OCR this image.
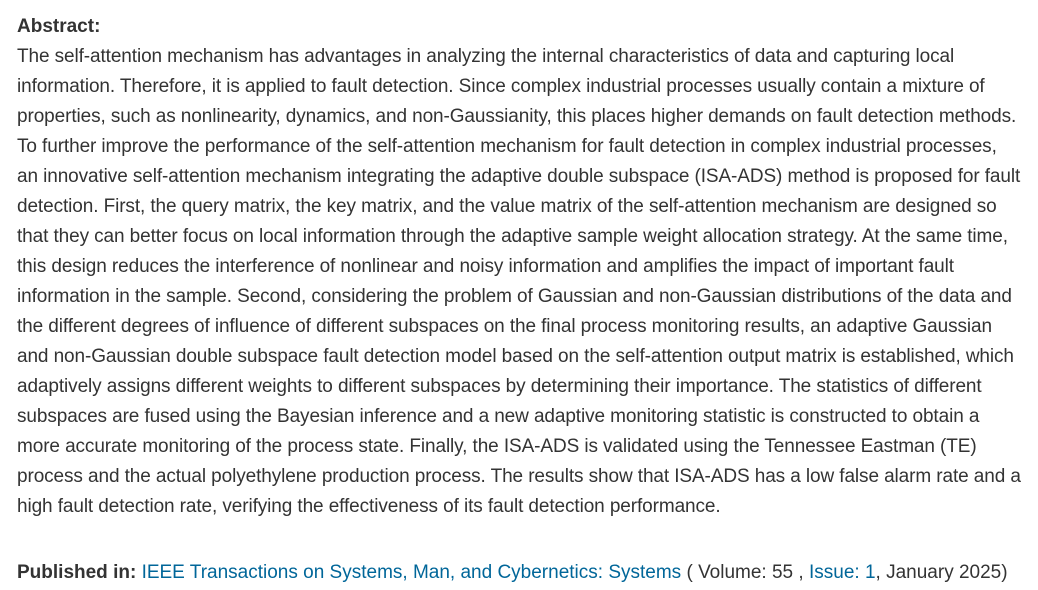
Abstract:
The self-attention mechanism has advantages in analyzing the internal characteristics of data and capturing local information. Therefore, it is applied to fault detection. Since complex industrial processes usually contain a mixture of properties, such as nonlinearity, dynamics, and non-Gaussianity, this places higher demands on fault detection methods. To further improve the performance of the self-attention mechanism for fault detection in complex industrial processes, an innovative self-attention mechanism integrating the adaptive double subspace (ISA-ADS) method is proposed for fault detection. First, the query matrix, the key matrix, and the value matrix of the self-attention mechanism are designed so that they can better focus on local information through the adaptive sample weight allocation strategy. At the same time, this design reduces the interference of nonlinear and noisy information and amplifies the impact of important fault information in the sample. Second, considering the problem of Gaussian and non-Gaussian distributions of the data and the different degrees of influence of different subspaces on the final process monitoring results, an adaptive Gaussian and non-Gaussian double subspace fault detection model based on the self-attention output matrix is established, which adaptively assigns different weights to different subspaces by determining their importance. The statistics of different subspaces are fused using the Bayesian inference and a new adaptive monitoring statistic is constructed to obtain a more accurate monitoring of the process state. Finally, the ISA-ADS is validated using the Tennessee Eastman (TE) process and the actual polyethylene production process. The results show that ISA-ADS has a low false alarm rate and a high fault detection rate, verifying the effectiveness of its fault detection performance.
Published in: IEEE Transactions on Systems, Man, and Cybernetics: Systems ( Volume: 55 , Issue: 1, January 2025)
